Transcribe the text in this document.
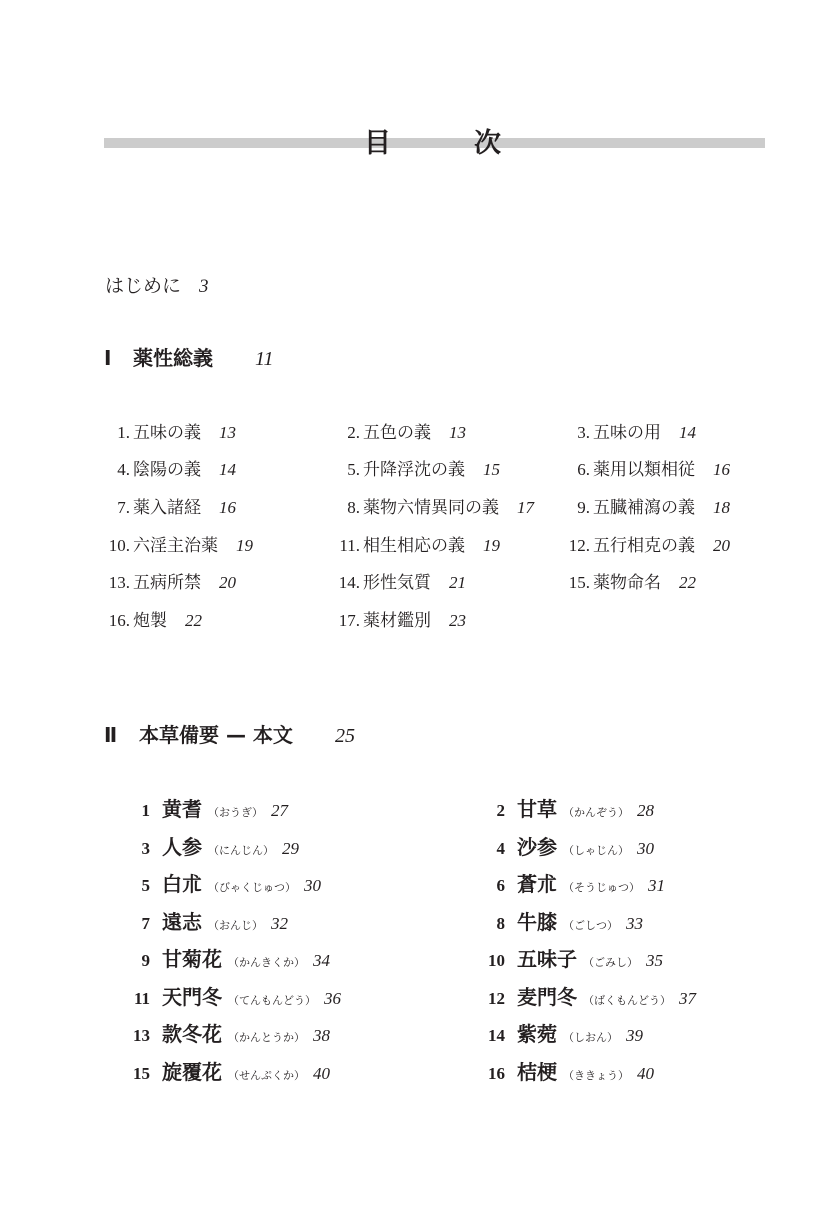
目	次
はじめに 3
Ⅰ 薬性総義 11
1. 五味の義 13	2. 五色の義 13	3. 五味の用 14
4. 陰陽の義 14	5. 升降浮沈の義 15	6. 薬用以類相従 16
7. 薬入諸経 16	8. 薬物六情異同の義 17	9. 五臓補瀉の義 18
10. 六淫主治薬 19	11. 相生相応の義 19	12. 五行相克の義 20
13. 五病所禁 20	14. 形性気質 21	15. 薬物命名 22
16. 炮製 22	17. 薬材鑑別 23
Ⅱ 本草備要 — 本文 25
1 黄耆 （おうぎ） 27	2 甘草 （かんぞう） 28
3 人参 （にんじん） 29	4 沙参 （しゃじん） 30
5 白朮 （びゃくじゅつ） 30	6 蒼朮 （そうじゅつ） 31
7 遠志 （おんじ） 32	8 牛膝 （ごしつ） 33
9 甘菊花 （かんきくか） 34	10 五味子 （ごみし） 35
11 天門冬 （てんもんどう） 36	12 麦門冬 （ばくもんどう） 37
13 款冬花 （かんとうか） 38	14 紫菀 （しおん） 39
15 旋覆花 （せんぷくか） 40	16 桔梗 （ききょう） 40
